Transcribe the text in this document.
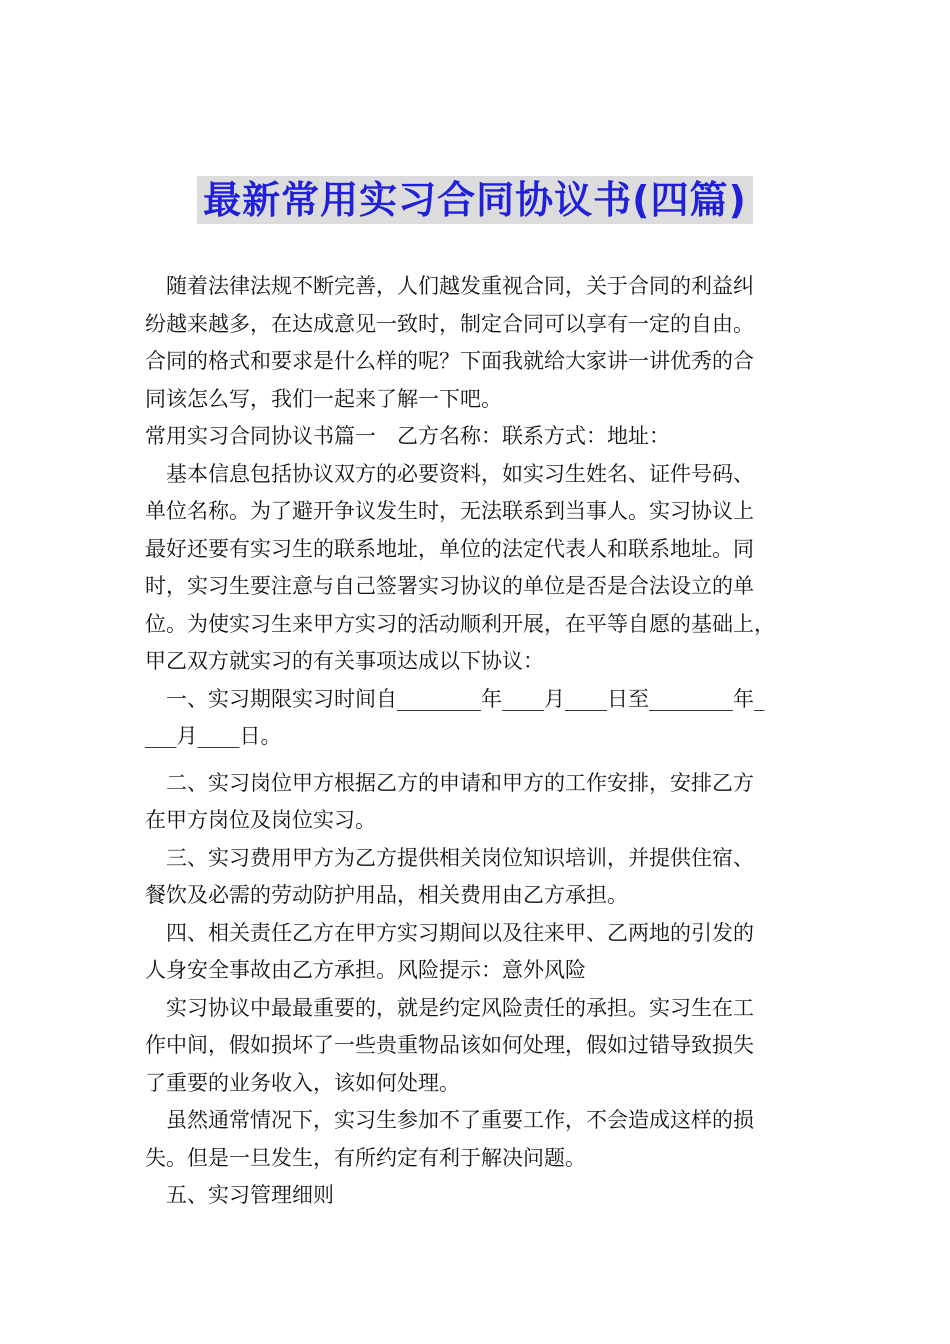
最新常用实习合同协议书(四篇)
随着法律法规不断完善，人们越发重视合同，关于合同的利益纠
纷越来越多，在达成意见一致时，制定合同可以享有一定的自由。
合同的格式和要求是什么样的呢？下面我就给大家讲一讲优秀的合
同该怎么写，我们一起来了解一下吧。
常用实习合同协议书篇一　乙方名称：联系方式：地址：
基本信息包括协议双方的必要资料，如实习生姓名、证件号码、
单位名称。为了避开争议发生时，无法联系到当事人。实习协议上
最好还要有实习生的联系地址，单位的法定代表人和联系地址。同
时，实习生要注意与自己签署实习协议的单位是否是合法设立的单
位。为使实习生来甲方实习的活动顺利开展，在平等自愿的基础上，
甲乙双方就实习的有关事项达成以下协议：
一、实习期限实习时间自________年____月____日至________年_
___月____日。
二、实习岗位甲方根据乙方的申请和甲方的工作安排，安排乙方
在甲方岗位及岗位实习。
三、实习费用甲方为乙方提供相关岗位知识培训，并提供住宿、
餐饮及必需的劳动防护用品，相关费用由乙方承担。
四、相关责任乙方在甲方实习期间以及往来甲、乙两地的引发的
人身安全事故由乙方承担。风险提示：意外风险
实习协议中最最重要的，就是约定风险责任的承担。实习生在工
作中间，假如损坏了一些贵重物品该如何处理，假如过错导致损失
了重要的业务收入，该如何处理。
虽然通常情况下，实习生参加不了重要工作，不会造成这样的损
失。但是一旦发生，有所约定有利于解决问题。
五、实习管理细则
